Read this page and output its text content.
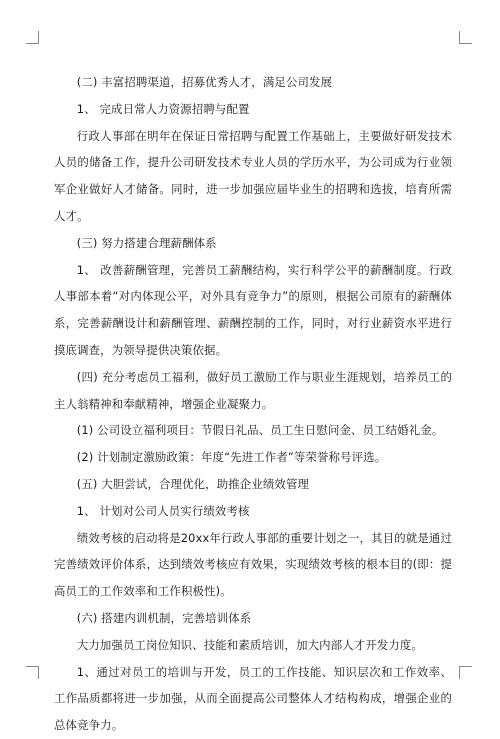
(二) 丰富招聘渠道，招募优秀人才，满足公司发展

1、 完成日常人力资源招聘与配置

行政人事部在明年在保证日常招聘与配置工作基础上，主要做好研发技术人员的储备工作，提升公司研发技术专业人员的学历水平，为公司成为行业领军企业做好人才储备。同时，进一步加强应届毕业生的招聘和选拔，培育所需人才。

(三) 努力搭建合理薪酬体系

1、 改善薪酬管理，完善员工薪酬结构，实行科学公平的薪酬制度。行政人事部本着“对内体现公平，对外具有竞争力”的原则，根据公司原有的薪酬体系，完善薪酬设计和薪酬管理、薪酬控制的工作，同时，对行业薪资水平进行摸底调查，为领导提供决策依据。

(四) 充分考虑员工福利，做好员工激励工作与职业生涯规划，培养员工的主人翁精神和奉献精神，增强企业凝聚力。

(1) 公司设立福利项目：节假日礼品、员工生日慰问金、员工结婚礼金。

(2) 计划制定激励政策：年度“先进工作者”等荣誉称号评选。

(五) 大胆尝试，合理优化，助推企业绩效管理

1、 计划对公司人员实行绩效考核

绩效考核的启动将是20xx年行政人事部的重要计划之一，其目的就是通过完善绩效评价体系，达到绩效考核应有效果，实现绩效考核的根本目的(即：提高员工的工作效率和工作积极性)。

(六) 搭建内训机制，完善培训体系

大力加强员工岗位知识、技能和素质培训，加大内部人才开发力度。

1、通过对员工的培训与开发，员工的工作技能、知识层次和工作效率、工作品质都将进一步加强，从而全面提高公司整体人才结构构成，增强企业的总体竞争力。
